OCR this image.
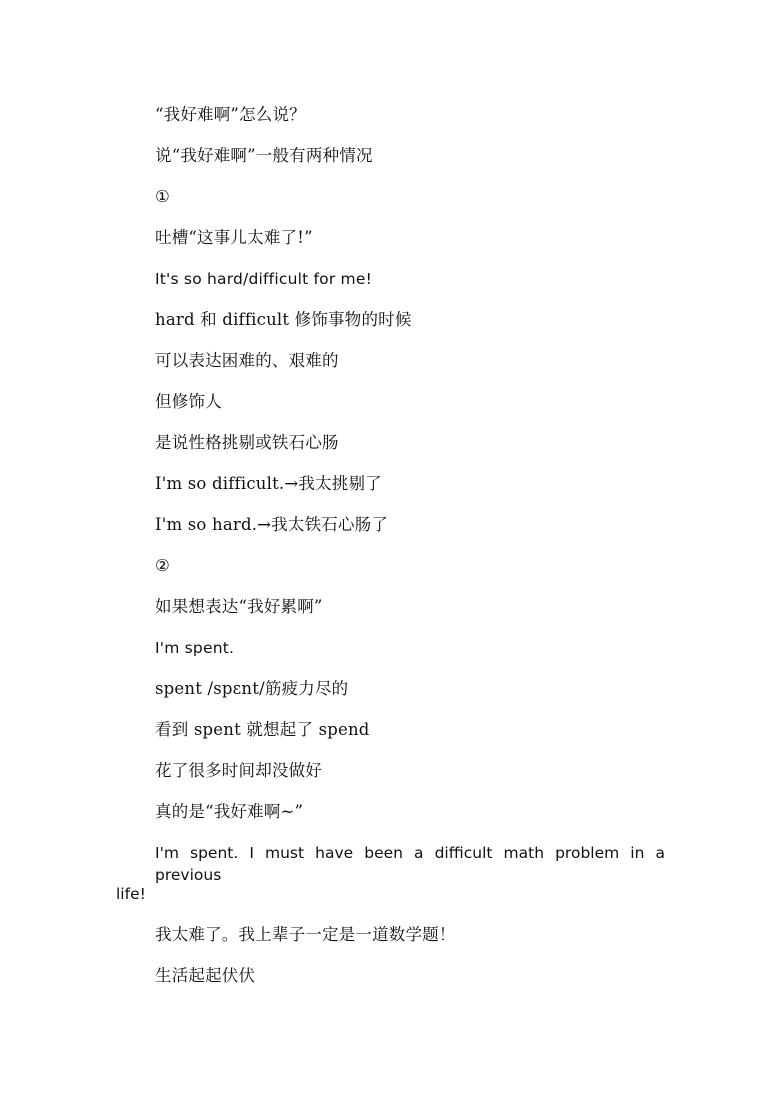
“我好难啊”怎么说？
说“我好难啊”一般有两种情况
①
吐槽“这事儿太难了!”
It's so hard/difficult for me!
hard 和 difficult 修饰事物的时候
可以表达困难的、艰难的
但修饰人
是说性格挑剔或铁石心肠
I'm so difficult.→我太挑剔了
I'm so hard.→我太铁石心肠了
②
如果想表达“我好累啊”
I'm spent.
spent /spɛnt/筋疲力尽的
看到 spent 就想起了 spend
花了很多时间却没做好
真的是“我好难啊~”
I'm spent. I must have been a difficult math problem in a previous
life!
我太难了。我上辈子一定是一道数学题！
生活起起伏伏
